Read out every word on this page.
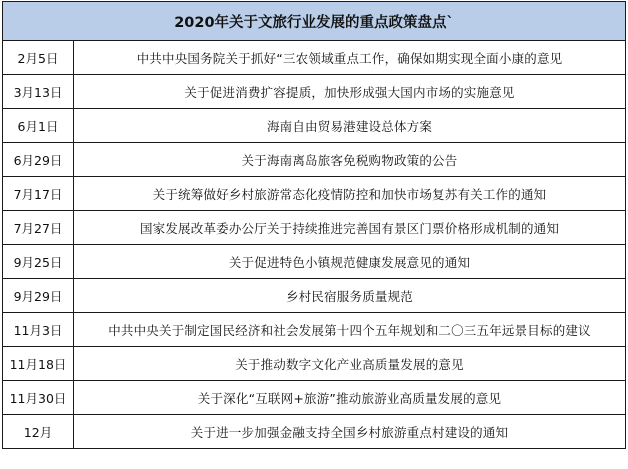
2020年关于文旅行业发展的重点政策盘点`	
2月5日	中共中央国务院关于抓好“三农领域重点工作，确保如期实现全面小康的意见
3月13日	关于促进消费扩容提质，加快形成强大国内市场的实施意见
6月1日	海南自由贸易港建设总体方案
6月29日	关于海南离岛旅客免税购物政策的公告
7月17日	关于统筹做好乡村旅游常态化疫情防控和加快市场复苏有关工作的通知
7月27日	国家发展改革委办公厅关于持续推进完善国有景区门票价格形成机制的通知
9月25日	关于促进特色小镇规范健康发展意见的通知
9月29日	乡村民宿服务质量规范
11月3日	中共中央关于制定国民经济和社会发展第十四个五年规划和二〇三五年远景目标的建议
11月18日	关于推动数字文化产业高质量发展的意见
11月30日	关于深化“互联网+旅游”推动旅游业高质量发展的意见
12月	关于进一步加强金融支持全国乡村旅游重点村建设的通知
